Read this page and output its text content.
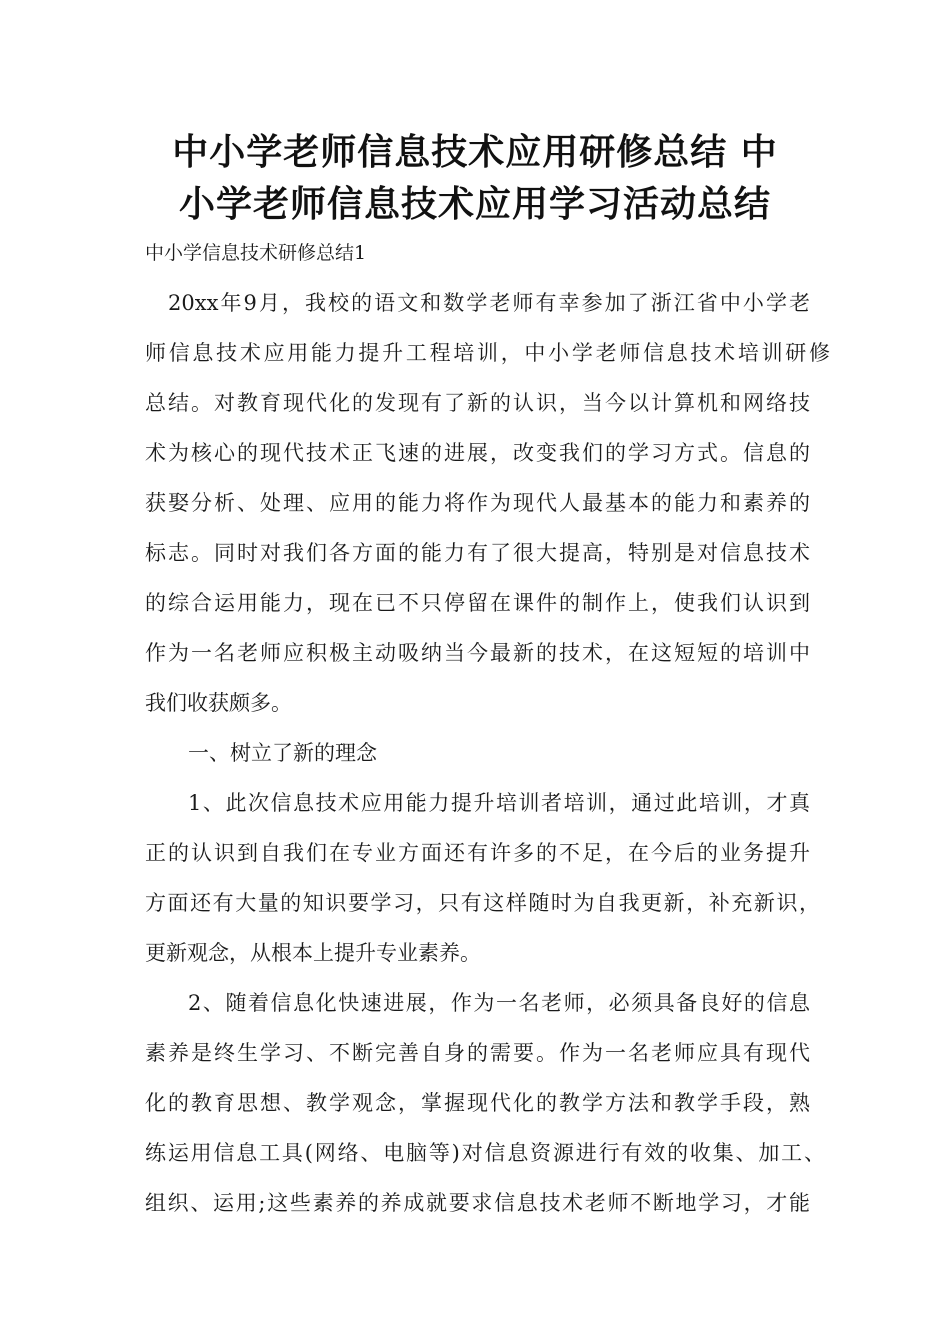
中小学老师信息技术应用研修总结 中
小学老师信息技术应用学习活动总结
中小学信息技术研修总结1
20xx年9月，我校的语文和数学老师有幸参加了浙江省中小学老
师信息技术应用能力提升工程培训，中小学老师信息技术培训研修
总结。对教育现代化的发现有了新的认识，当今以计算机和网络技
术为核心的现代技术正飞速的进展，改变我们的学习方式。信息的
获娶分析、处理、应用的能力将作为现代人最基本的能力和素养的
标志。同时对我们各方面的能力有了很大提高，特别是对信息技术
的综合运用能力，现在已不只停留在课件的制作上，使我们认识到
作为一名老师应积极主动吸纳当今最新的技术，在这短短的培训中
我们收获颇多。
一、树立了新的理念
1、此次信息技术应用能力提升培训者培训，通过此培训，才真
正的认识到自我们在专业方面还有许多的不足，在今后的业务提升
方面还有大量的知识要学习，只有这样随时为自我更新，补充新识，
更新观念，从根本上提升专业素养。
2、随着信息化快速进展，作为一名老师，必须具备良好的信息
素养是终生学习、不断完善自身的需要。作为一名老师应具有现代
化的教育思想、教学观念，掌握现代化的教学方法和教学手段，熟
练运用信息工具(网络、电脑等)对信息资源进行有效的收集、加工、
组织、运用;这些素养的养成就要求信息技术老师不断地学习，才能
